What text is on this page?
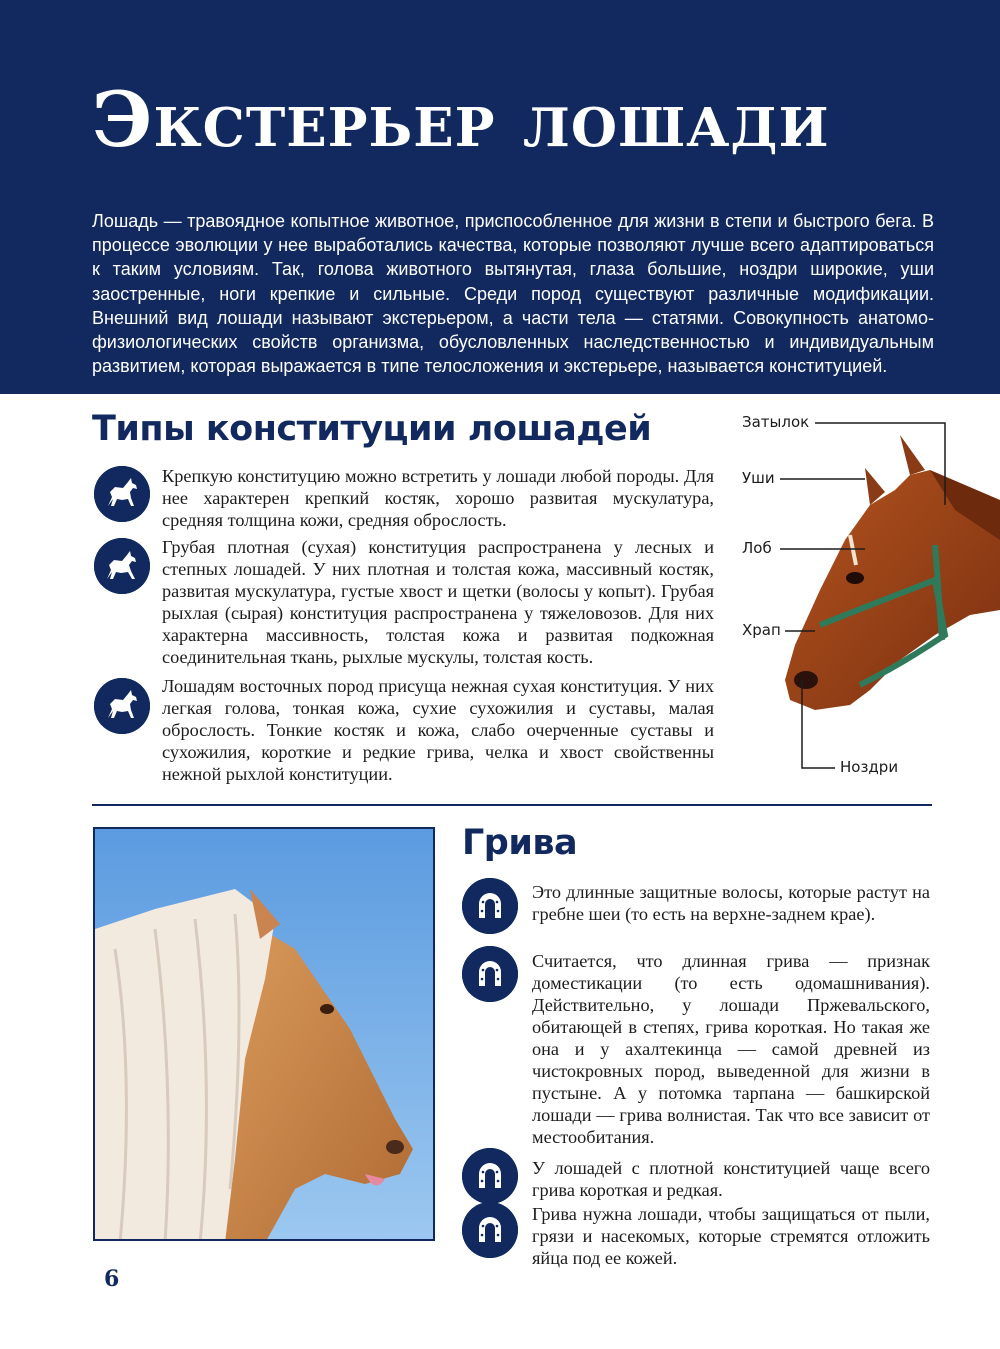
Экстерьер лошади

Лошадь — травоядное копытное животное, приспособленное для жизни в степи и быстрого бега. В процессе эволюции у нее выработались качества, которые позволяют лучше всего адаптироваться к таким условиям. Так, голова животного вытянутая, глаза большие, ноздри широкие, уши заостренные, ноги крепкие и сильные. Среди пород существуют различные модификации. Внешний вид лошади называют экстерьером, а части тела — статями. Совокупность анатомо-физиологических свойств организма, обусловленных наследственностью и индивидуальным развитием, которая выражается в типе телосложения и экстерьере, называется конституцией.

Типы конституции лошадей

Крепкую конституцию можно встретить у лошади любой породы. Для нее характерен крепкий костяк, хорошо развитая мускулатура, средняя толщина кожи, средняя оброслость.

Грубая плотная (сухая) конституция распространена у лесных и степных лошадей. У них плотная и толстая кожа, массивный костяк, развитая мускулатура, густые хвост и щетки (волосы у копыт). Грубая рыхлая (сырая) конституция распространена у тяжеловозов. Для них характерна массивность, толстая кожа и развитая подкожная соединительная ткань, рыхлые мускулы, толстая кость.

Лошадям восточных пород присуща нежная сухая конституция. У них легкая голова, тонкая кожа, сухие сухожилия и суставы, малая оброслость. Тонкие костяк и кожа, слабо очерченные суставы и сухожилия, короткие и редкие грива, челка и хвост свойственны нежной рыхлой конституции.

Затылок
Уши
Лоб
Храп
Ноздри
Грива

Это длинные защитные волосы, которые растут на гребне шеи (то есть на верхне-заднем крае).

Считается, что длинная грива — признак доместикации (то есть одомашнивания). Действительно, у лошади Пржевальского, обитающей в степях, грива короткая. Но такая же она и у ахалтекинца — самой древней из чистокровных пород, выведенной для жизни в пустыне. А у потомка тарпана — башкирской лошади — грива волнистая. Так что все зависит от местообитания.

У лошадей с плотной конституцией чаще всего грива короткая и редкая.

Грива нужна лошади, чтобы защищаться от пыли, грязи и насекомых, которые стремятся отложить яйца под ее кожей.

6
